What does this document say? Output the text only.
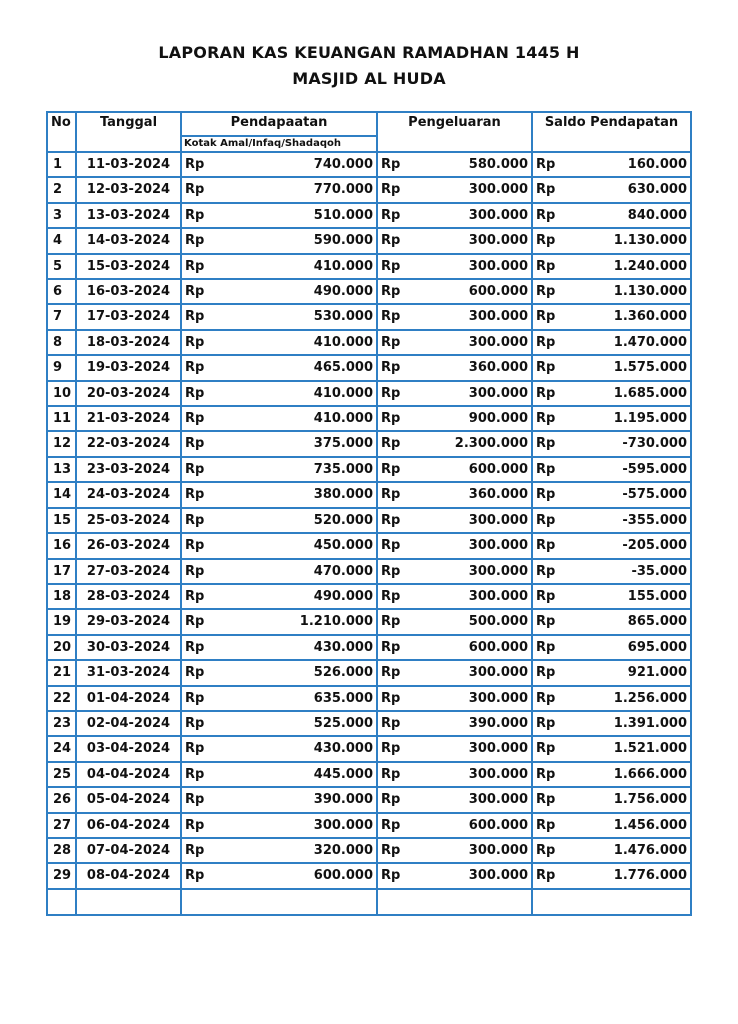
LAPORAN KAS KEUANGAN RAMADHAN 1445 H
MASJID AL HUDA
No	Tanggal	Pendapaatan	Pengeluaran	Saldo Pendapatan
		Kotak Amal/Infaq/Shadaqoh		
1	11-03-2024	Rp 740.000	Rp 580.000	Rp 160.000

2	12-03-2024	Rp 770.000	Rp 300.000	Rp 630.000

3	13-03-2024	Rp 510.000	Rp 300.000	Rp 840.000

4	14-03-2024	Rp 590.000	Rp 300.000	Rp 1.130.000

5	15-03-2024	Rp 410.000	Rp 300.000	Rp 1.240.000

6	16-03-2024	Rp 490.000	Rp 600.000	Rp 1.130.000

7	17-03-2024	Rp 530.000	Rp 300.000	Rp 1.360.000

8	18-03-2024	Rp 410.000	Rp 300.000	Rp 1.470.000

9	19-03-2024	Rp 465.000	Rp 360.000	Rp 1.575.000

10	20-03-2024	Rp 410.000	Rp 300.000	Rp 1.685.000

11	21-03-2024	Rp 410.000	Rp 900.000	Rp 1.195.000

12	22-03-2024	Rp 375.000	Rp 2.300.000	Rp -730.000

13	23-03-2024	Rp 735.000	Rp 600.000	Rp -595.000

14	24-03-2024	Rp 380.000	Rp 360.000	Rp -575.000

15	25-03-2024	Rp 520.000	Rp 300.000	Rp -355.000

16	26-03-2024	Rp 450.000	Rp 300.000	Rp -205.000

17	27-03-2024	Rp 470.000	Rp 300.000	Rp -35.000

18	28-03-2024	Rp 490.000	Rp 300.000	Rp 155.000

19	29-03-2024	Rp 1.210.000	Rp 500.000	Rp 865.000

20	30-03-2024	Rp 430.000	Rp 600.000	Rp 695.000

21	31-03-2024	Rp 526.000	Rp 300.000	Rp 921.000

22	01-04-2024	Rp 635.000	Rp 300.000	Rp 1.256.000

23	02-04-2024	Rp 525.000	Rp 390.000	Rp 1.391.000

24	03-04-2024	Rp 430.000	Rp 300.000	Rp 1.521.000

25	04-04-2024	Rp 445.000	Rp 300.000	Rp 1.666.000

26	05-04-2024	Rp 390.000	Rp 300.000	Rp 1.756.000

27	06-04-2024	Rp 300.000	Rp 600.000	Rp 1.456.000

28	07-04-2024	Rp 320.000	Rp 300.000	Rp 1.476.000

29	08-04-2024	Rp 600.000	Rp 300.000	Rp 1.776.000
